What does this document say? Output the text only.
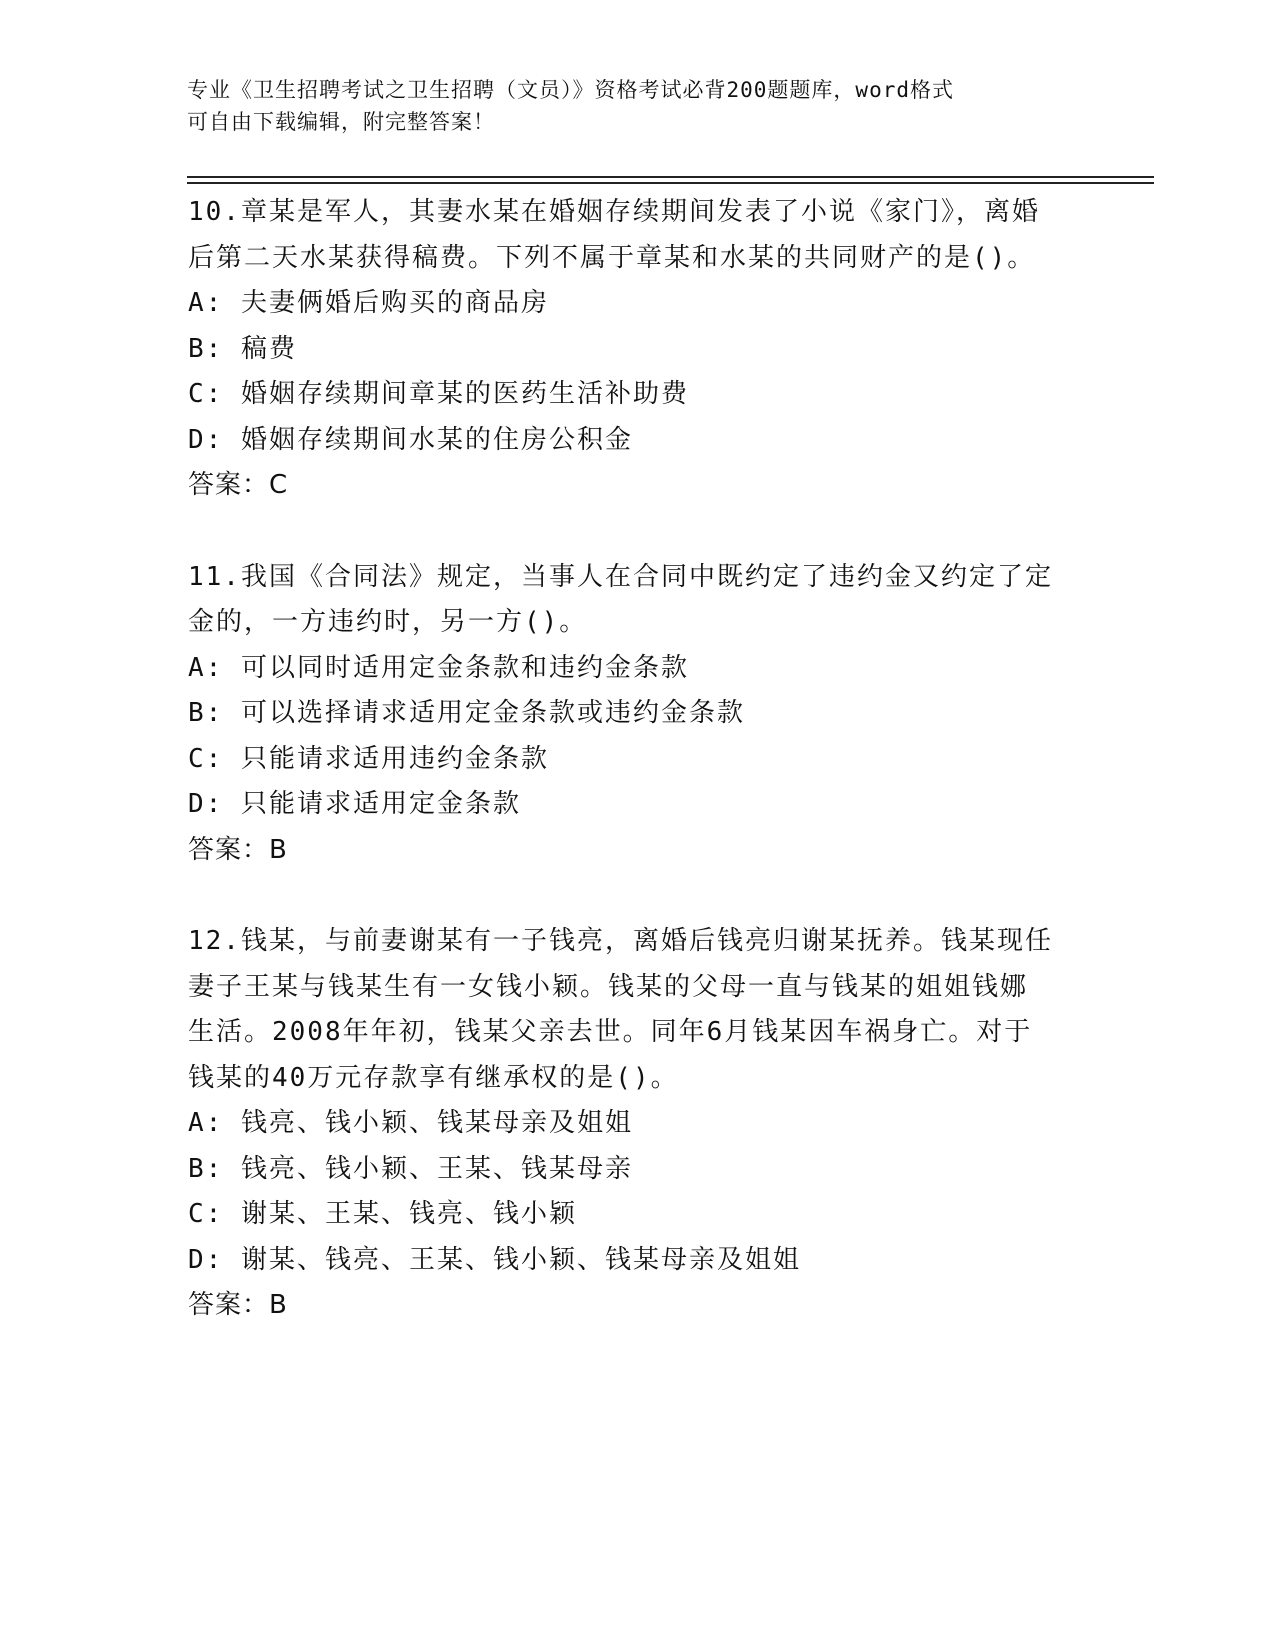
专业《卫生招聘考试之卫生招聘（文员）》资格考试必背200题题库，word格式
可自由下载编辑，附完整答案！
10.章某是军人，其妻水某在婚姻存续期间发表了小说《家门》，离婚
后第二天水某获得稿费。下列不属于章某和水某的共同财产的是()。
A: 夫妻俩婚后购买的商品房
B: 稿费
C: 婚姻存续期间章某的医药生活补助费
D: 婚姻存续期间水某的住房公积金
答案：C
11.我国《合同法》规定，当事人在合同中既约定了违约金又约定了定
金的，一方违约时，另一方()。
A: 可以同时适用定金条款和违约金条款
B: 可以选择请求适用定金条款或违约金条款
C: 只能请求适用违约金条款
D: 只能请求适用定金条款
答案：B
12.钱某，与前妻谢某有一子钱亮，离婚后钱亮归谢某抚养。钱某现任
妻子王某与钱某生有一女钱小颖。钱某的父母一直与钱某的姐姐钱娜
生活。2008年年初，钱某父亲去世。同年6月钱某因车祸身亡。对于
钱某的40万元存款享有继承权的是()。
A: 钱亮、钱小颖、钱某母亲及姐姐
B: 钱亮、钱小颖、王某、钱某母亲
C: 谢某、王某、钱亮、钱小颖
D: 谢某、钱亮、王某、钱小颖、钱某母亲及姐姐
答案：B
